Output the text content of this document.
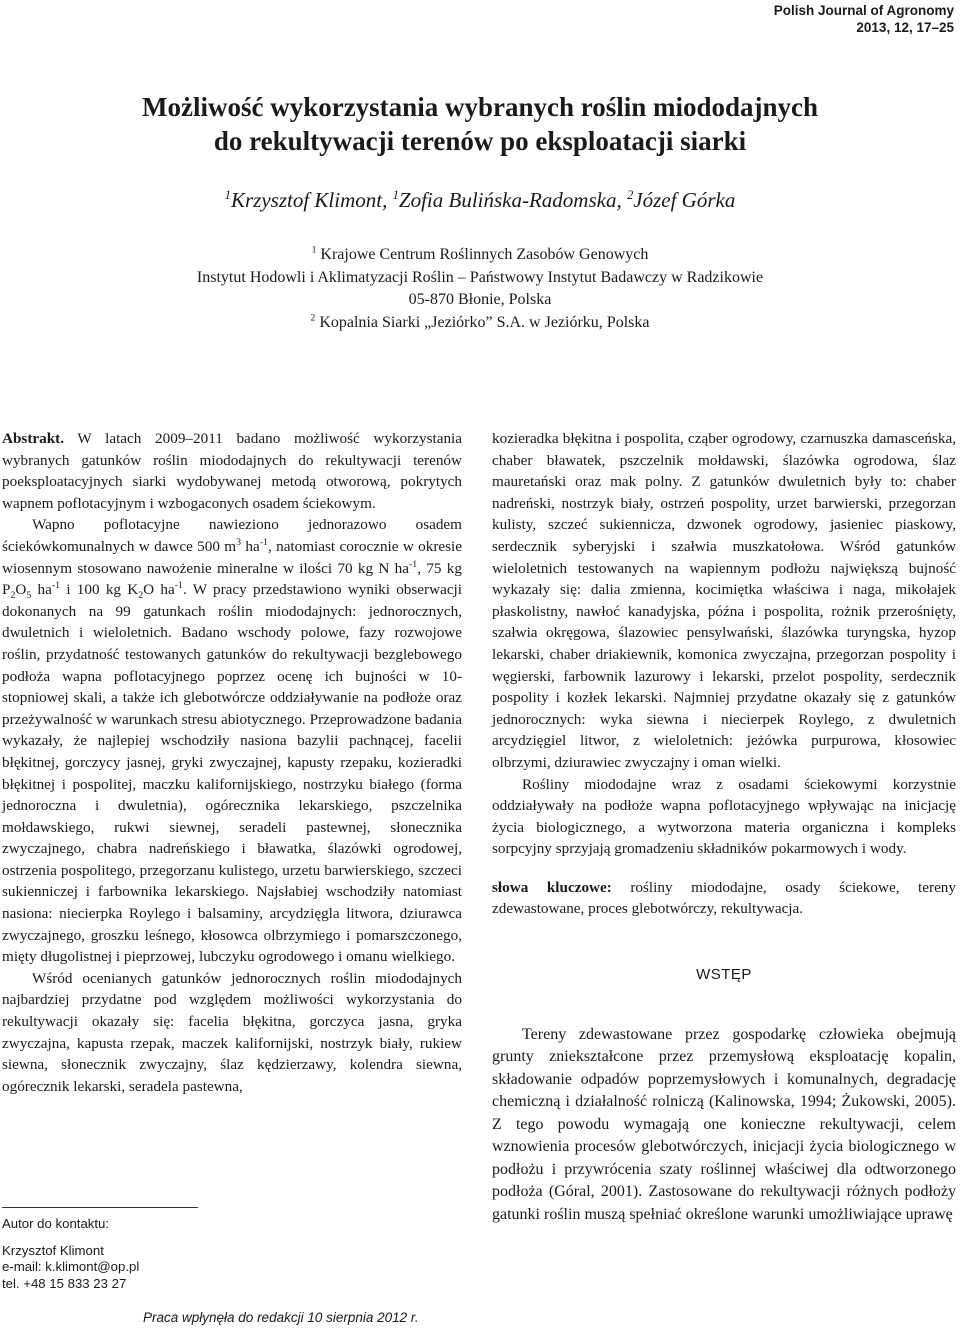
Polish Journal of Agronomy
2013, 12, 17–25
Możliwość wykorzystania wybranych roślin miododajnych
do rekultywacji terenów po eksploatacji siarki
$^1$Krzysztof Klimont, $^1$Zofia Bulińska-Radomska, $^2$Józef Górka
$^1$ Krajowe Centrum Roślinnych Zasobów Genowych
Instytut Hodowli i Aklimatyzacji Roślin – Państwowy Instytut Badawczy w Radzikowie
05-870 Błonie, Polska
$^2$ Kopalnia Siarki „Jeziórko” S.A. w Jeziórku, Polska

Abstrakt. W latach 2009–2011 badano możliwość wykorzystania wybranych gatunków roślin miododajnych do rekultywacji terenów poeksploatacyjnych siarki wydobywanej metodą otworową, pokrytych wapnem poflotacyjnym i wzbogaconych osadem ściekowym.

Wapno poflotacyjne nawieziono jednorazowo osadem ściekówkomunalnych w dawce 500 $m^3$ $ha^{-1}$, natomiast corocznie w okresie wiosennym stosowano nawożenie mineralne w ilości 70 kg N $ha^{-1}$, 75 kg $P_2O_5$ $ha^{-1}$ i 100 kg $K_2O$ $ha^{-1}$. W pracy przedstawiono wyniki obserwacji dokonanych na 99 gatunkach roślin miododajnych: jednorocznych, dwuletnich i wieloletnich. Badano wschody polowe, fazy rozwojowe roślin, przydatność testowanych gatunków do rekultywacji bezglebowego podłoża wapna poflotacyjnego poprzez ocenę ich bujności w 10-stopniowej skali, a także ich glebotwórcze oddziaływanie na podłoże oraz przeżywalność w warunkach stresu abiotycznego. Przeprowadzone badania wykazały, że najlepiej wschodziły nasiona bazylii pachnącej, facelii błękitnej, gorczycy jasnej, gryki zwyczajnej, kapusty rzepaku, kozieradki błękitnej i pospolitej, maczku kalifornijskiego, nostrzyku białego (forma jednoroczna i dwuletnia), ogórecznika lekarskiego, pszczelnika mołdawskiego, rukwi siewnej, seradeli pastewnej, słonecznika zwyczajnego, chabra nadreńskiego i bławatka, ślazówki ogrodowej, ostrzenia pospolitego, przegorzanu kulistego, urzetu barwierskiego, szczeci sukienniczej i farbownika lekarskiego. Najsłabiej wschodziły natomiast nasiona: niecierpka Roylego i balsaminy, arcydzięgla litwora, dziurawca zwyczajnego, groszku leśnego, kłosowca olbrzymiego i pomarszczonego, mięty długolistnej i pieprzowej, lubczyku ogrodowego i omanu wielkiego.

Wśród ocenianych gatunków jednorocznych roślin miododajnych najbardziej przydatne pod względem możliwości wykorzystania do rekultywacji okazały się: facelia błękitna, gorczyca jasna, gryka zwyczajna, kapusta rzepak, maczek kalifornijski, nostrzyk biały, rukiew siewna, słonecznik zwyczajny, ślaz kędzierzawy, kolendra siewna, ogórecznik lekarski, seradela pastewna,

kozieradka błękitna i pospolita, cząber ogrodowy, czarnuszka damasceńska, chaber bławatek, pszczelnik mołdawski, ślazówka ogrodowa, ślaz mauretański oraz mak polny. Z gatunków dwuletnich były to: chaber nadreński, nostrzyk biały, ostrzeń pospolity, urzet barwierski, przegorzan kulisty, szczeć sukiennicza, dzwonek ogrodowy, jasieniec piaskowy, serdecznik syberyjski i szałwia muszkatołowa. Wśród gatunków wieloletnich testowanych na wapiennym podłożu największą bujność wykazały się: dalia zmienna, kocimiętka właściwa i naga, mikołajek płaskolistny, nawłoć kanadyjska, późna i pospolita, rożnik przerośnięty, szałwia okręgowa, ślazowiec pensylwański, ślazówka turyngska, hyzop lekarski, chaber driakiewnik, komonica zwyczajna, przegorzan pospolity i węgierski, farbownik lazurowy i lekarski, przelot pospolity, serdecznik pospolity i kozłek lekarski. Najmniej przydatne okazały się z gatunków jednorocznych: wyka siewna i niecierpek Roylego, z dwuletnich arcydzięgiel litwor, z wieloletnich: jeżówka purpurowa, kłosowiec olbrzymi, dziurawiec zwyczajny i oman wielki.

Rośliny miododajne wraz z osadami ściekowymi korzystnie oddziaływały na podłoże wapna poflotacyjnego wpływając na inicjację życia biologicznego, a wytworzona materia organiczna i kompleks sorpcyjny sprzyjają gromadzeniu składników pokarmowych i wody.

słowa kluczowe: rośliny miododajne, osady ściekowe, tereny zdewastowane, proces glebotwórczy, rekultywacja.

WSTĘP

Tereny zdewastowane przez gospodarkę człowieka obejmują grunty zniekształcone przez przemysłową eksploatację kopalin, składowanie odpadów poprzemysłowych i komunalnych, degradację chemiczną i działalność rolniczą (Kalinowska, 1994; Żukowski, 2005). Z tego powodu wymagają one konieczne rekultywacji, celem wznowienia procesów glebotwórczych, inicjacji życia biologicznego w podłożu i przywrócenia szaty roślinnej właściwej dla odtworzonego podłoża (Góral, 2001). Zastosowane do rekultywacji różnych podłoży gatunki roślin muszą spełniać określone warunki umożliwiające uprawę

Autor do kontaktu:
Krzysztof Klimont
e-mail: k.klimont@op.pl
tel. +48 15 833 23 27
Praca wpłynęła do redakcji 10 sierpnia 2012 r.
